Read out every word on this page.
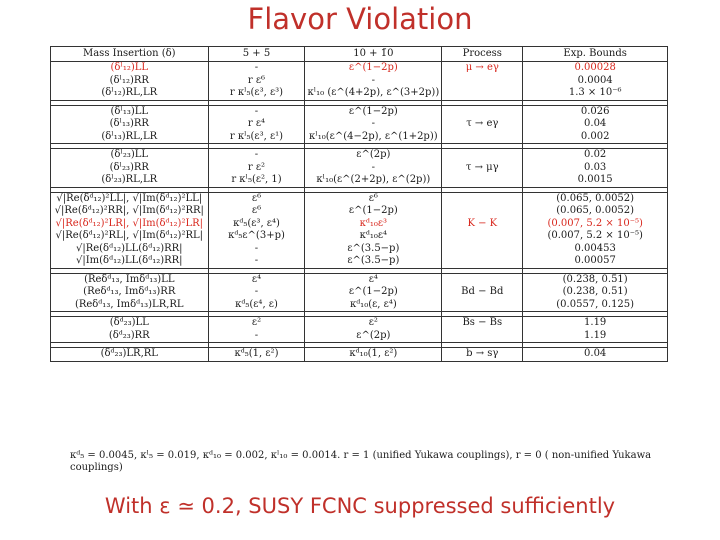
Flavor Violation
Mass Insertion (δ)	5 + 5̄	10 + 1̄0	Process	Exp. Bounds
(δˡ₁₂)LL	-	ε^(1−2p)	μ → eγ	0.00028
(δˡ₁₂)RR	r ε⁶	-		0.0004
(δˡ₁₂)RL,LR	r κˡ₅(ε³, ε³)	κˡ₁₀ (ε^(4+2p), ε^(3+2p))		1.3 × 10⁻⁶

(δˡ₁₃)LL	-	ε^(1−2p)		0.026
(δˡ₁₃)RR	r ε⁴	-	τ → eγ	0.04
(δˡ₁₃)RL,LR	r κˡ₅(ε³, ε¹)	κˡ₁₀(ε^(4−2p), ε^(1+2p))		0.002

(δˡ₂₃)LL	-	ε^(2p)		0.02
(δˡ₂₃)RR	r ε²	-	τ → μγ	0.03
(δˡ₂₃)RL,LR	r κˡ₅(ε², 1)	κˡ₁₀(ε^(2+2p), ε^(2p))		0.0015

√|Re(δᵈ₁₂)²LL|, √|Im(δᵈ₁₂)²LL|	ε⁶	ε⁶		(0.065, 0.0052)
√|Re(δᵈ₁₂)²RR|, √|Im(δᵈ₁₂)²RR|	ε⁶	ε^(1−2p)		(0.065, 0.0052)
√|Re(δᵈ₁₂)²LR|, √|Im(δᵈ₁₂)²LR|	κᵈ₅(ε³, ε⁴)	κᵈ₁₀ε³	K − K̄	(0.007, 5.2 × 10⁻⁵)
√|Re(δᵈ₁₂)²RL|, √|Im(δᵈ₁₂)²RL|	κᵈ₅ε^(3+p)	κᵈ₁₀ε⁴		(0.007, 5.2 × 10⁻⁵)
√|Re(δᵈ₁₂)LL(δᵈ₁₂)RR|	-	ε^(3.5−p)		0.00453
√|Im(δᵈ₁₂)LL(δᵈ₁₂)RR|	-	ε^(3.5−p)		0.00057

(Reδᵈ₁₃, Imδᵈ₁₃)LL	ε⁴	ε⁴		(0.238, 0.51)
(Reδᵈ₁₃, Imδᵈ₁₃)RR	-	ε^(1−2p)	Bd − B̄d	(0.238, 0.51)
(Reδᵈ₁₃, Imδᵈ₁₃)LR,RL	κᵈ₅(ε⁴, ε)	κᵈ₁₀(ε, ε⁴)		(0.0557, 0.125)

(δᵈ₂₃)LL	ε²	ε²	Bs − B̄s	1.19
(δᵈ₂₃)RR	-	ε^(2p)		1.19

(δᵈ₂₃)LR,RL	κᵈ₅(1, ε²)	κᵈ₁₀(1, ε²)	b → sγ	0.04
κᵈ₅ = 0.0045, κˡ₅ = 0.019, κᵈ₁₀ = 0.002, κˡ₁₀ = 0.0014. r = 1 (unified Yukawa couplings), r = 0 ( non-unified Yukawa couplings)
With ε ≃ 0.2, SUSY FCNC suppressed sufficiently
